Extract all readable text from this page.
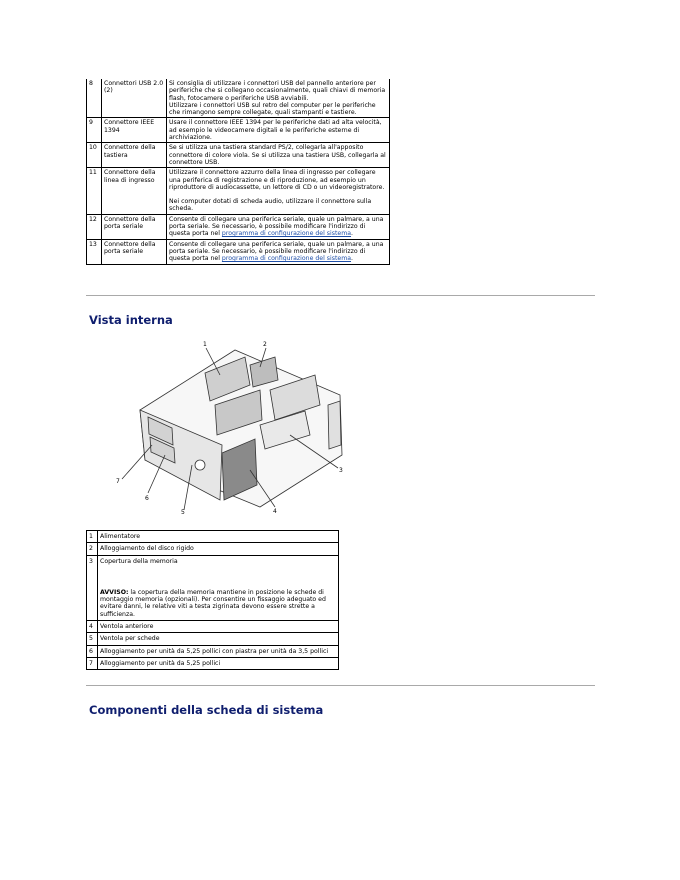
8	Connettori USB 2.0 (2)	Si consiglia di utilizzare i connettori USB del pannello anteriore per periferiche che si collegano occasionalmente, quali chiavi di memoria flash, fotocamere o periferiche USB avviabili.
Utilizzare i connettori USB sul retro del computer per le periferiche che rimangono sempre collegate, quali stampanti e tastiere.

9	Connettore IEEE 1394	Usare il connettore IEEE 1394 per le periferiche dati ad alta velocità, ad esempio le videocamere digitali e le periferiche esterne di archiviazione.
10	Connettore della tastiera	Se si utilizza una tastiera standard PS/2, collegarla all'apposito connettore di colore viola. Se si utilizza una tastiera USB, collegarla al connettore USB.
11	Connettore della linea di ingresso	Utilizzare il connettore azzurro della linea di ingresso per collegare una periferica di registrazione e di riproduzione, ad esempio un riproduttore di audiocassette, un lettore di CD o un videoregistratore.
Nei computer dotati di scheda audio, utilizzare il connettore sulla scheda.

12	Connettore della porta seriale	Consente di collegare una periferica seriale, quale un palmare, a una porta seriale. Se necessario, è possibile modificare l'indirizzo di questa porta nel programma di configurazione del sistema.
13	Connettore della porta seriale	Consente di collegare una periferica seriale, quale un palmare, a una porta seriale. Se necessario, è possibile modificare l'indirizzo di questa porta nel programma di configurazione del sistema.
Vista interna
1	2
3
4
5
6
7
1	Alimentatore
2	Alloggiamento del disco rigido
3	Copertura della memoria
AVVISO: la copertura della memoria mantiene in posizione le schede di montaggio memoria (opzionali). Per consentire un fissaggio adeguato ed evitare danni, le relative viti a testa zigrinata devono essere strette a sufficienza.

4	Ventola anteriore
5	Ventola per schede
6	Alloggiamento per unità da 5,25 pollici con piastra per unità da 3,5 pollici
7	Alloggiamento per unità da 5,25 pollici
Componenti della scheda di sistema
